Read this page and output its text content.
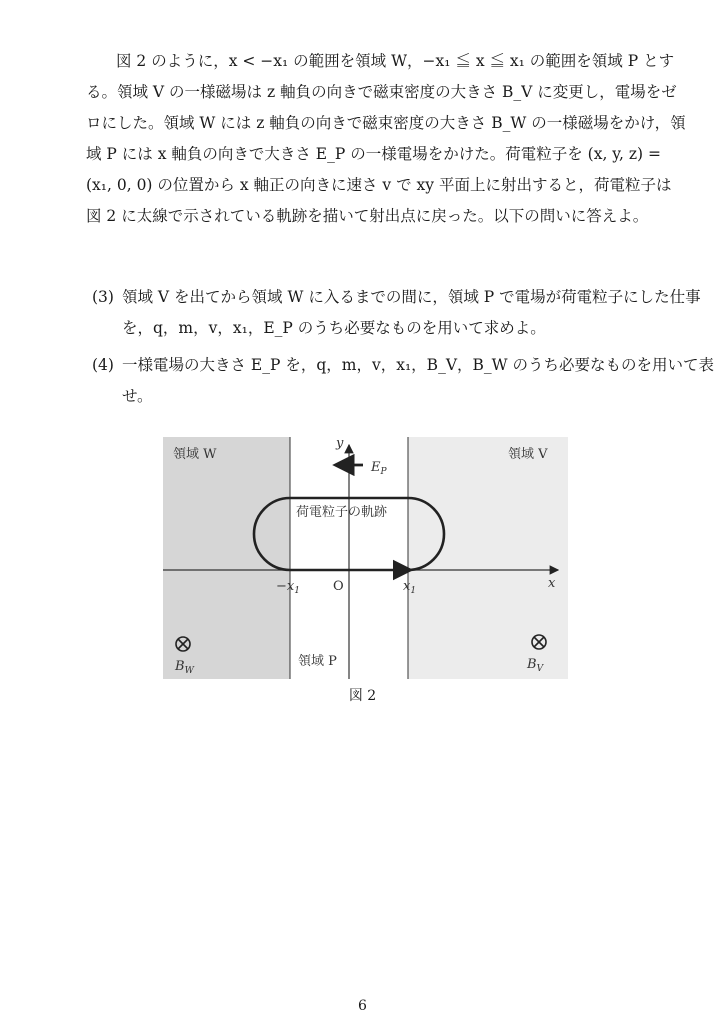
図 2 のように，x < −x₁ の範囲を領域 W，−x₁ ≦ x ≦ x₁ の範囲を領域 P とする。領域 V の一様磁場は z 軸負の向きで磁束密度の大きさ B_V に変更し，電場をゼロにした。領域 W には z 軸負の向きで磁束密度の大きさ B_W の一様磁場をかけ，領域 P には x 軸負の向きで大きさ E_P の一様電場をかけた。荷電粒子を (x, y, z) = (x₁, 0, 0) の位置から x 軸正の向きに速さ v で xy 平面上に射出すると，荷電粒子は図 2 に太線で示されている軌跡を描いて射出点に戻った。以下の問いに答えよ。

(3) 領域 V を出てから領域 W に入るまでの間に，領域 P で電場が荷電粒子にした仕事を，q，m，v，x₁，E_P のうち必要なものを用いて求めよ。

(4) 一様電場の大きさ E_P を，q，m，v，x₁，B_V，B_W のうち必要なものを用いて表せ。

領域 W	領域 V
領域 P
荷電粒子の軌跡
$E_P$
x
y
O
$-x_1$	$x_1$
$B_W$	$B_V$
図 2
6
